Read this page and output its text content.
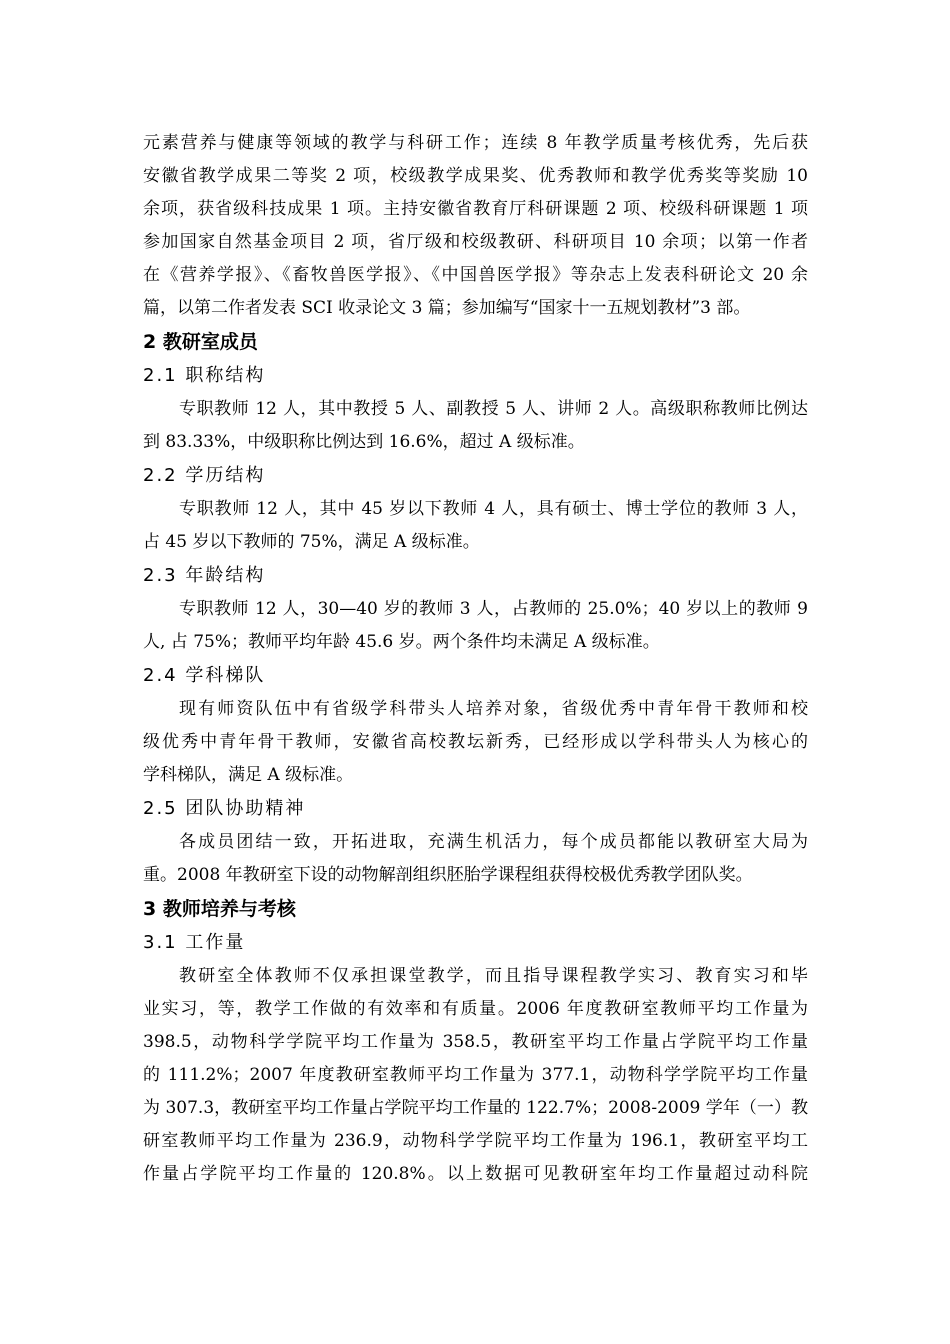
元素营养与健康等领域的教学与科研工作；连续 8 年教学质量考核优秀，先后获
安徽省教学成果二等奖 2 项，校级教学成果奖、优秀教师和教学优秀奖等奖励 10
余项，获省级科技成果 1 项。主持安徽省教育厅科研课题 2 项、校级科研课题 1 项
参加国家自然基金项目 2 项，省厅级和校级教研、科研项目 10 余项；以第一作者
在《营养学报》、《畜牧兽医学报》、《中国兽医学报》等杂志上发表科研论文 20 余
篇，以第二作者发表 SCI 收录论文 3 篇；参加编写“国家十一五规划教材”3 部。
2 教研室成员
2.1 职称结构
专职教师 12 人，其中教授 5 人、副教授 5 人、讲师 2 人。高级职称教师比例达
到 83.33%，中级职称比例达到 16.6%，超过 A 级标准。
2.2 学历结构
专职教师 12 人，其中 45 岁以下教师 4 人，具有硕士、博士学位的教师 3 人，
占 45 岁以下教师的 75%，满足 A 级标准。
2.3 年龄结构
专职教师 12 人，30—40 岁的教师 3 人，占教师的 25.0%；40 岁以上的教师 9
人, 占 75%；教师平均年龄 45.6 岁。两个条件均未满足 A 级标准。
2.4 学科梯队
现有师资队伍中有省级学科带头人培养对象，省级优秀中青年骨干教师和校
级优秀中青年骨干教师，安徽省高校教坛新秀，已经形成以学科带头人为核心的
学科梯队，满足 A 级标准。
2.5 团队协助精神
各成员团结一致，开拓进取，充满生机活力，每个成员都能以教研室大局为
重。2008 年教研室下设的动物解剖组织胚胎学课程组获得校极优秀教学团队奖。
3 教师培养与考核
3.1 工作量
教研室全体教师不仅承担课堂教学，而且指导课程教学实习、教育实习和毕
业实习，等，教学工作做的有效率和有质量。2006 年度教研室教师平均工作量为
398.5，动物科学学院平均工作量为 358.5，教研室平均工作量占学院平均工作量
的 111.2%；2007 年度教研室教师平均工作量为 377.1，动物科学学院平均工作量
为 307.3，教研室平均工作量占学院平均工作量的 122.7%；2008-2009 学年（一）教
研室教师平均工作量为 236.9，动物科学学院平均工作量为 196.1，教研室平均工
作量占学院平均工作量的 120.8%。以上数据可见教研室年均工作量超过动科院
